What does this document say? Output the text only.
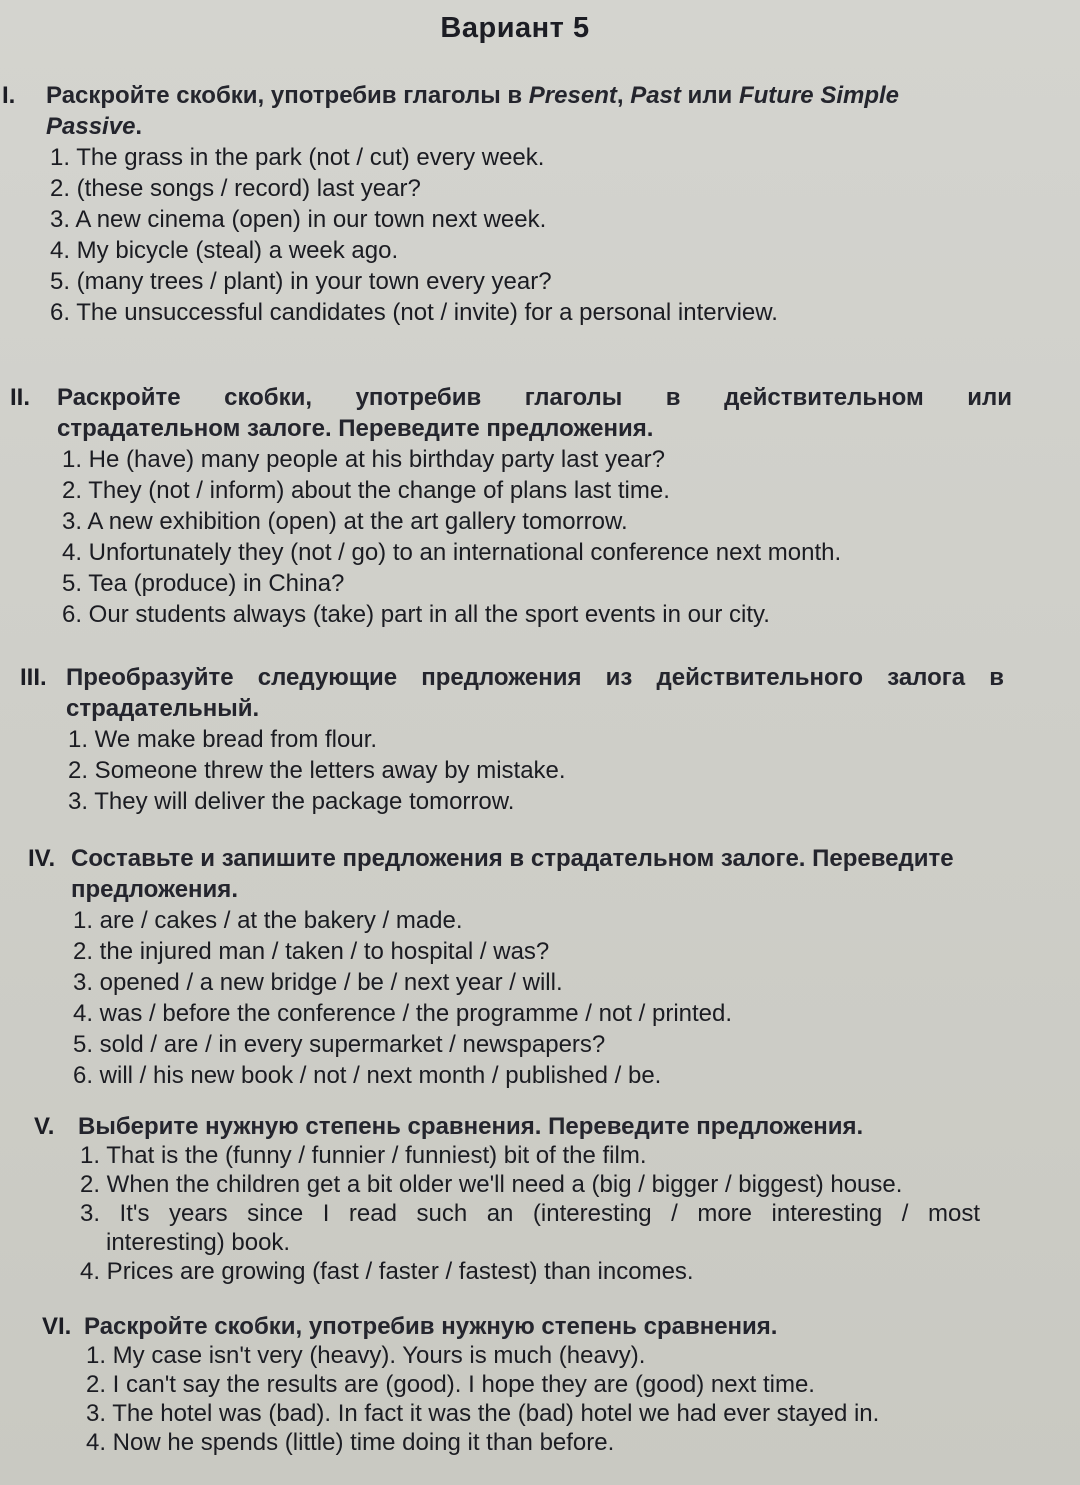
Вариант 5
I. Раскройте скобки, употребив глаголы в Present, Past или Future Simple
Passive.
1. The grass in the park (not / cut) every week.
2. (these songs / record) last year?
3. A new cinema (open) in our town next week.
4. My bicycle (steal) a week ago.
5. (many trees / plant) in your town every year?
6. The unsuccessful candidates (not / invite) for a personal interview.
II. Раскройте скобки, употребив глаголы в действительном или
страдательном залоге. Переведите предложения.
1. He (have) many people at his birthday party last year?
2. They (not / inform) about the change of plans last time.
3. A new exhibition (open) at the art gallery tomorrow.
4. Unfortunately they (not / go) to an international conference next month.
5. Tea (produce) in China?
6. Our students always (take) part in all the sport events in our city.
III. Преобразуйте следующие предложения из действительного залога в
страдательный.
1. We make bread from flour.
2. Someone threw the letters away by mistake.
3. They will deliver the package tomorrow.
IV. Составьте и запишите предложения в страдательном залоге. Переведите
предложения.
1. are / cakes / at the bakery / made.
2. the injured man / taken / to hospital / was?
3. opened / a new bridge / be / next year / will.
4. was / before the conference / the programme / not / printed.
5. sold / are / in every supermarket / newspapers?
6. will / his new book / not / next month / published / be.
V. Выберите нужную степень сравнения. Переведите предложения.
1. That is the (funny / funnier / funniest) bit of the film.
2. When the children get a bit older we'll need a (big / bigger / biggest) house.
3. It's years since I read such an (interesting / more interesting / most
interesting) book.
4. Prices are growing (fast / faster / fastest) than incomes.
VI. Раскройте скобки, употребив нужную степень сравнения.
1. My case isn't very (heavy). Yours is much (heavy).
2. I can't say the results are (good). I hope they are (good) next time.
3. The hotel was (bad). In fact it was the (bad) hotel we had ever stayed in.
4. Now he spends (little) time doing it than before.
